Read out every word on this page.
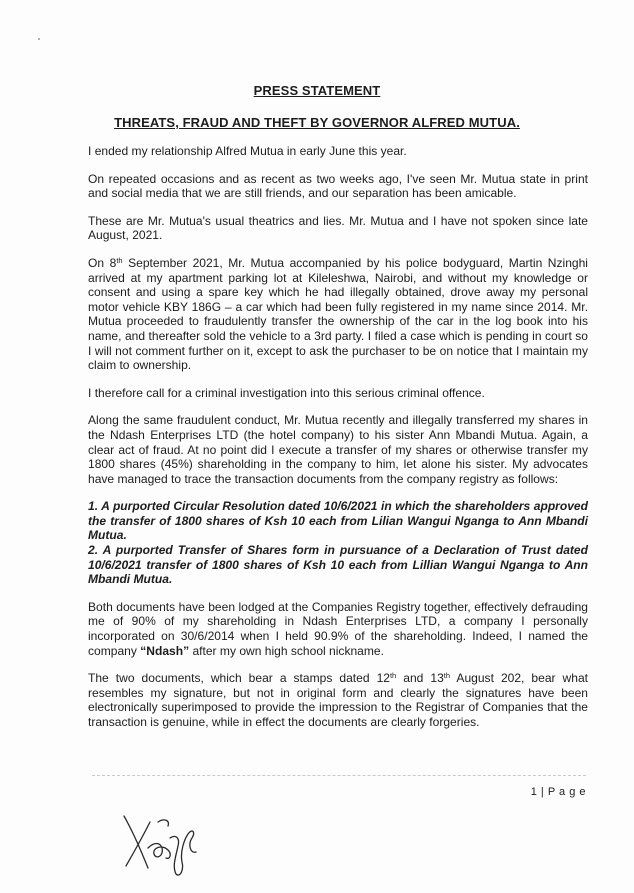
PRESS STATEMENT
THREATS, FRAUD AND THEFT BY GOVERNOR ALFRED MUTUA.

I ended my relationship Alfred Mutua in early June this year.

On repeated occasions and as recent as two weeks ago, I've seen Mr. Mutua state in print and social media that we are still friends, and our separation has been amicable.

These are Mr. Mutua's usual theatrics and lies. Mr. Mutua and I have not spoken since late August, 2021.

On 8th September 2021, Mr. Mutua accompanied by his police bodyguard, Martin Nzinghi arrived at my apartment parking lot at Kileleshwa, Nairobi, and without my knowledge or consent and using a spare key which he had illegally obtained, drove away my personal motor vehicle KBY 186G – a car which had been fully registered in my name since 2014. Mr. Mutua proceeded to fraudulently transfer the ownership of the car in the log book into his name, and thereafter sold the vehicle to a 3rd party. I filed a case which is pending in court so I will not comment further on it, except to ask the purchaser to be on notice that I maintain my claim to ownership.

I therefore call for a criminal investigation into this serious criminal offence.

Along the same fraudulent conduct, Mr. Mutua recently and illegally transferred my shares in the Ndash Enterprises LTD (the hotel company) to his sister Ann Mbandi Mutua. Again, a clear act of fraud. At no point did I execute a transfer of my shares or otherwise transfer my 1800 shares (45%) shareholding in the company to him, let alone his sister. My advocates have managed to trace the transaction documents from the company registry as follows:

1. A purported Circular Resolution dated 10/6/2021 in which the shareholders approved the transfer of 1800 shares of Ksh 10 each from Lilian Wangui Nganga to Ann Mbandi Mutua.

2. A purported Transfer of Shares form in pursuance of a Declaration of Trust dated 10/6/2021 transfer of 1800 shares of Ksh 10 each from Lillian Wangui Nganga to Ann Mbandi Mutua.

Both documents have been lodged at the Companies Registry together, effectively defrauding me of 90% of my shareholding in Ndash Enterprises LTD, a company I personally incorporated on 30/6/2014 when I held 90.9% of the shareholding. Indeed, I named the company “Ndash” after my own high school nickname.

The two documents, which bear a stamps dated 12th and 13th August 202, bear what resembles my signature, but not in original form and clearly the signatures have been electronically superimposed to provide the impression to the Registrar of Companies that the transaction is genuine, while in effect the documents are clearly forgeries.

1 | P a g e
